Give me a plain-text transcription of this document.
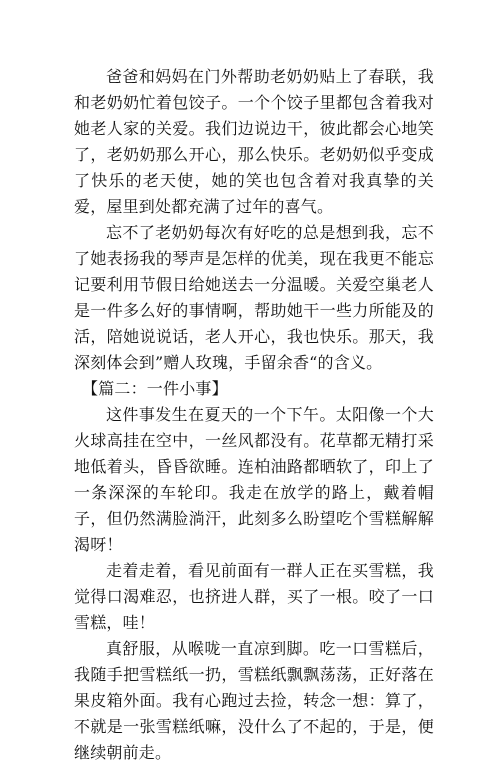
爸爸和妈妈在门外帮助老奶奶贴上了春联，我和老奶奶忙着包饺子。一个个饺子里都包含着我对她老人家的关爱。我们边说边干，彼此都会心地笑了，老奶奶那么开心，那么快乐。老奶奶似乎变成了快乐的老天使，她的笑也包含着对我真挚的关爱，屋里到处都充满了过年的喜气。

忘不了老奶奶每次有好吃的总是想到我，忘不了她表扬我的琴声是怎样的优美，现在我更不能忘记要利用节假日给她送去一分温暖。关爱空巢老人是一件多么好的事情啊，帮助她干一些力所能及的活，陪她说说话，老人开心，我也快乐。那天，我深刻体会到”赠人玫瑰，手留余香“的含义。

【篇二：一件小事】

这件事发生在夏天的一个下午。太阳像一个大火球高挂在空中，一丝风都没有。花草都无精打采地低着头，昏昏欲睡。连柏油路都晒软了，印上了一条深深的车轮印。我走在放学的路上，戴着帽子，但仍然满脸淌汗，此刻多么盼望吃个雪糕解解渴呀！

走着走着，看见前面有一群人正在买雪糕，我觉得口渴难忍，也挤进人群，买了一根。咬了一口雪糕，哇！

真舒服，从喉咙一直凉到脚。吃一口雪糕后，我随手把雪糕纸一扔，雪糕纸飘飘荡荡，正好落在果皮箱外面。我有心跑过去捡，转念一想：算了，不就是一张雪糕纸嘛，没什么了不起的，于是，便继续朝前走。
